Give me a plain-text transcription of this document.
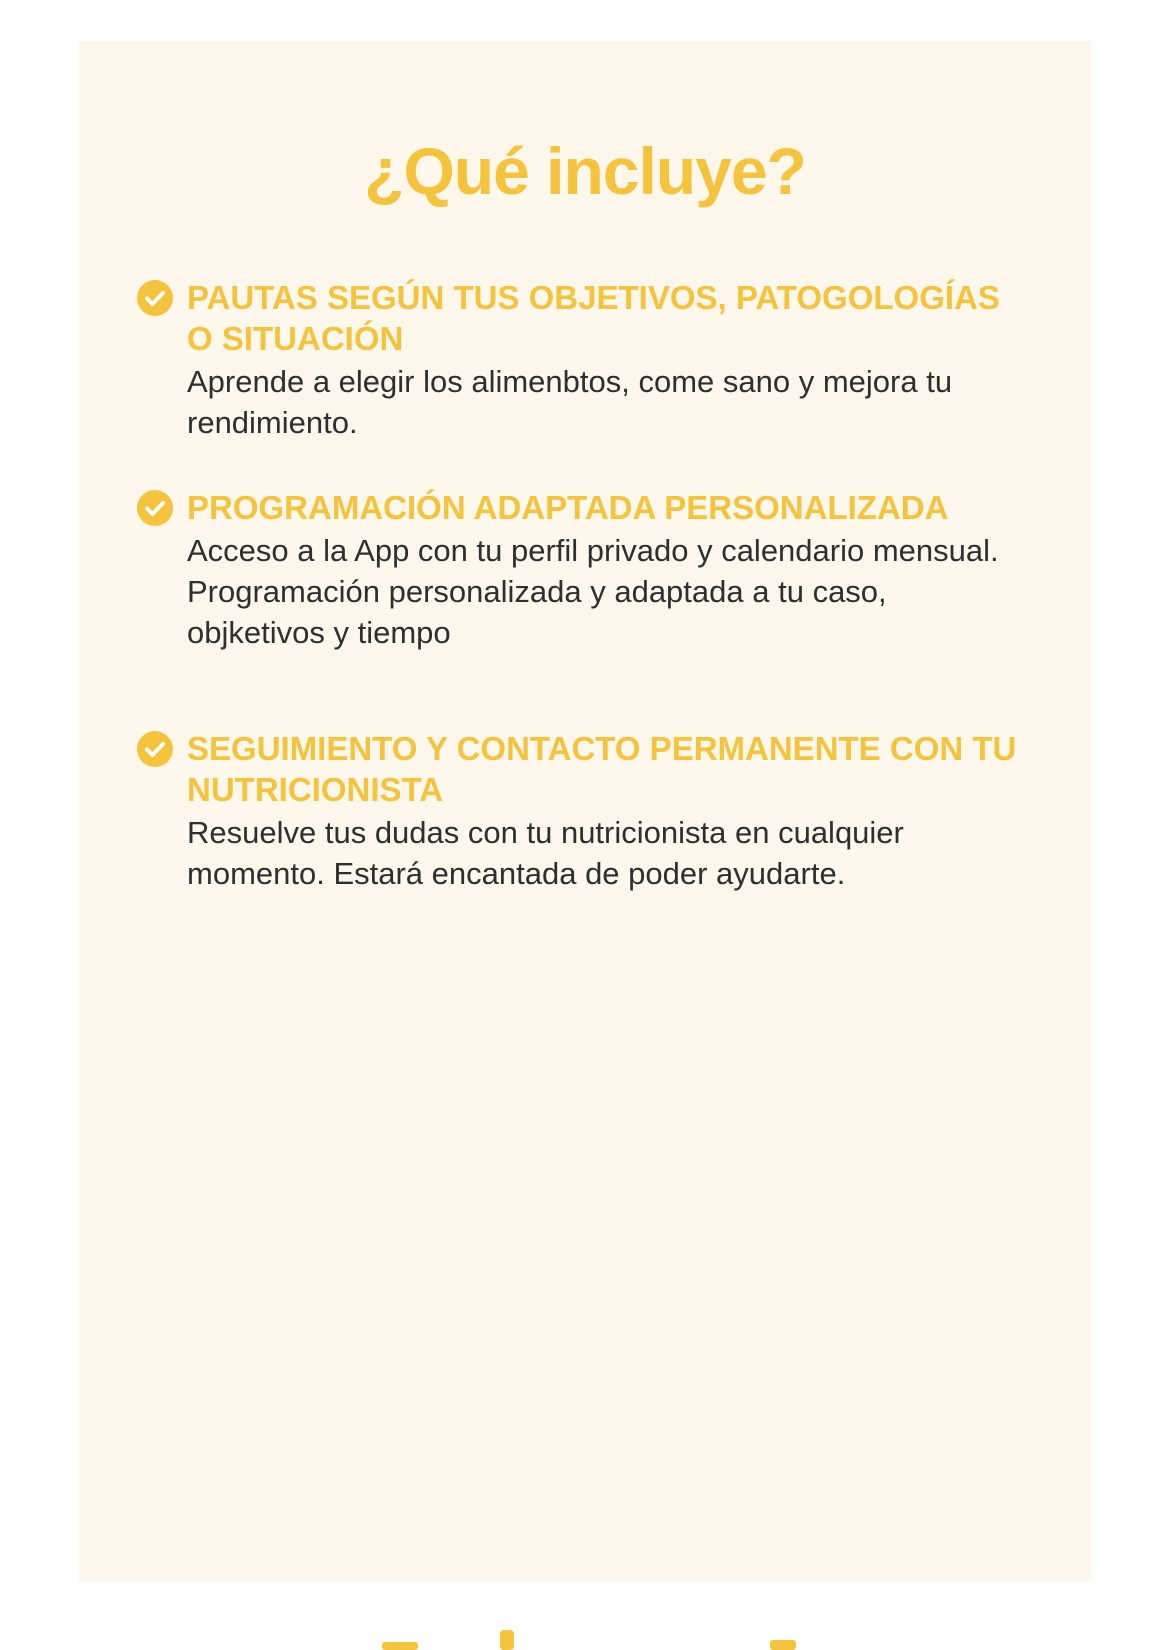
¿Qué incluye?

PAUTAS SEGÚN TUS OBJETIVOS, PATOGOLOGÍAS O SITUACIÓN

Aprende a elegir los alimenbtos, come sano y mejora tu rendimiento.

PROGRAMACIÓN ADAPTADA PERSONALIZADA

Acceso a la App con tu perfil privado y calendario mensual.

Programación personalizada y adaptada a tu caso, objketivos y tiempo

SEGUIMIENTO Y CONTACTO PERMANENTE CON TU NUTRICIONISTA

Resuelve tus dudas con tu nutricionista en cualquier momento. Estará encantada de poder ayudarte.
